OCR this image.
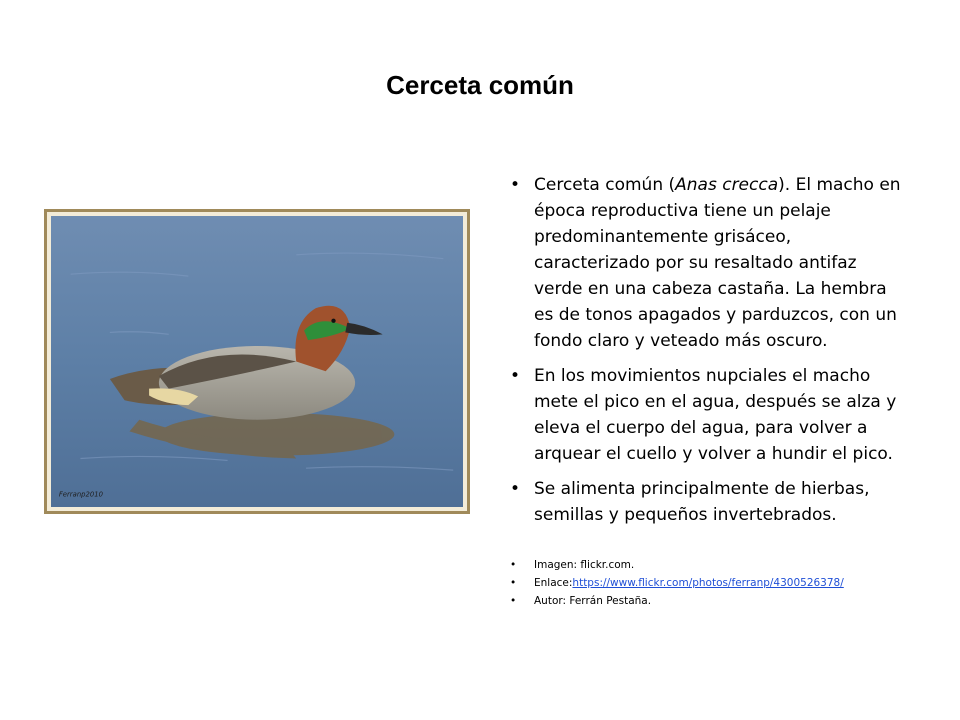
Cerceta común
Ferranp2010
• Cerceta común (Anas crecca). El macho en época reproductiva tiene un pelaje predominantemente grisáceo, caracterizado por su resaltado antifaz verde en una cabeza castaña. La hembra es de tonos apagados y parduzcos, con un fondo claro y veteado más oscuro.
• En los movimientos nupciales el macho mete el pico en el agua, después se alza y eleva el cuerpo del agua, para volver a arquear el cuello y volver a hundir el pico.
• Se alimenta principalmente de hierbas, semillas y pequeños invertebrados.
• Imagen: flickr.com.
• Enlace:https://www.flickr.com/photos/ferranp/4300526378/
• Autor: Ferrán Pestaña.
